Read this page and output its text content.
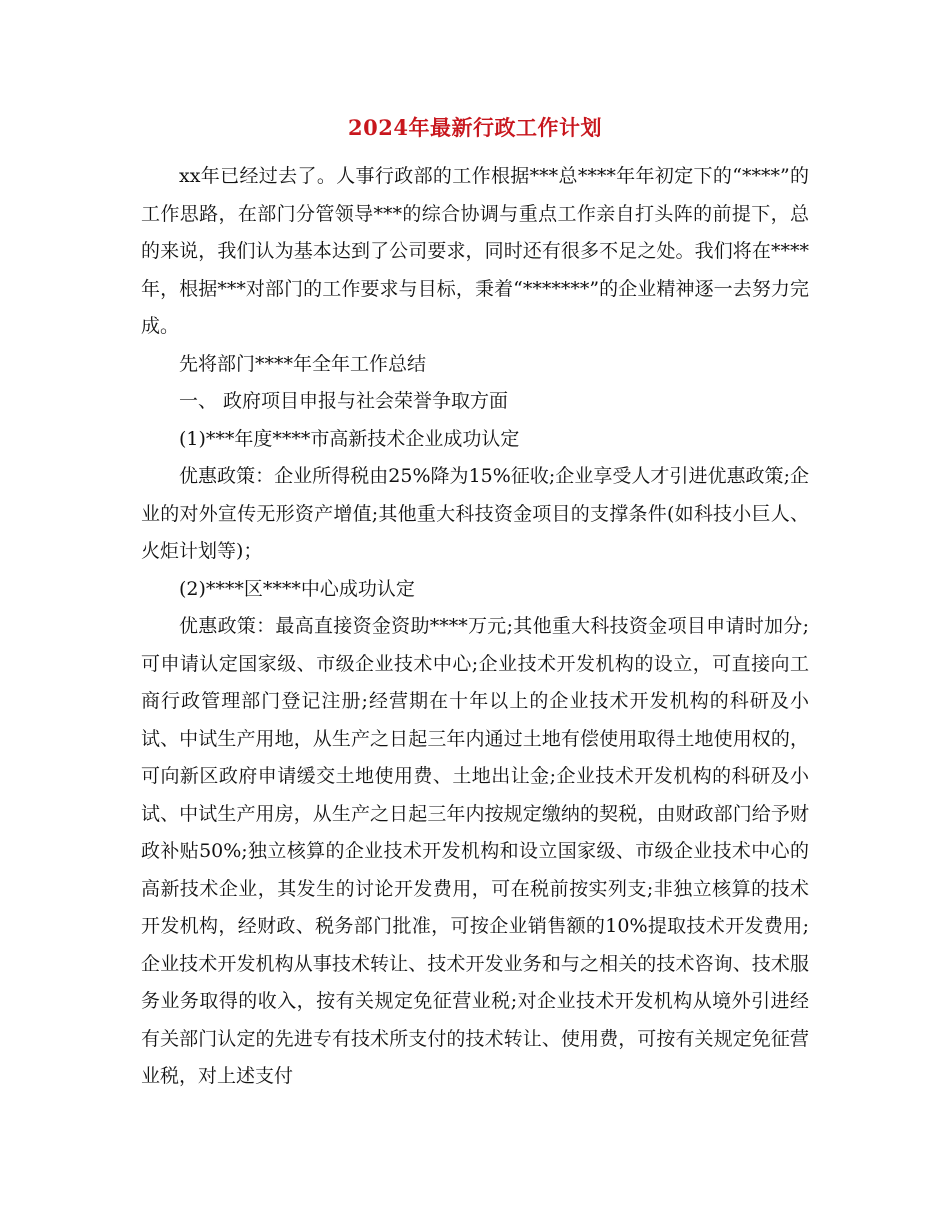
2024年最新行政工作计划

xx年已经过去了。人事行政部的工作根据***总****年年初定下的“****”的工作思路，在部门分管领导***的综合协调与重点工作亲自打头阵的前提下，总的来说，我们认为基本达到了公司要求，同时还有很多不足之处。我们将在****年，根据***对部门的工作要求与目标，秉着“*******”的企业精神逐一去努力完成。

先将部门****年全年工作总结

一、 政府项目申报与社会荣誉争取方面

(1)***年度****市高新技术企业成功认定

优惠政策：企业所得税由25%降为15%征收;企业享受人才引进优惠政策;企业的对外宣传无形资产增值;其他重大科技资金项目的支撑条件(如科技小巨人、火炬计划等)；

(2)****区****中心成功认定

优惠政策：最高直接资金资助****万元;其他重大科技资金项目申请时加分;可申请认定国家级、市级企业技术中心;企业技术开发机构的设立，可直接向工商行政管理部门登记注册;经营期在十年以上的企业技术开发机构的科研及小试、中试生产用地，从生产之日起三年内通过土地有偿使用取得土地使用权的，可向新区政府申请缓交土地使用费、土地出让金;企业技术开发机构的科研及小试、中试生产用房，从生产之日起三年内按规定缴纳的契税，由财政部门给予财政补贴50%;独立核算的企业技术开发机构和设立国家级、市级企业技术中心的高新技术企业，其发生的讨论开发费用，可在税前按实列支;非独立核算的技术开发机构，经财政、税务部门批准，可按企业销售额的10%提取技术开发费用;企业技术开发机构从事技术转让、技术开发业务和与之相关的技术咨询、技术服务业务取得的收入，按有关规定免征营业税;对企业技术开发机构从境外引进经有关部门认定的先进专有技术所支付的技术转让、使用费，可按有关规定免征营业税，对上述支付
